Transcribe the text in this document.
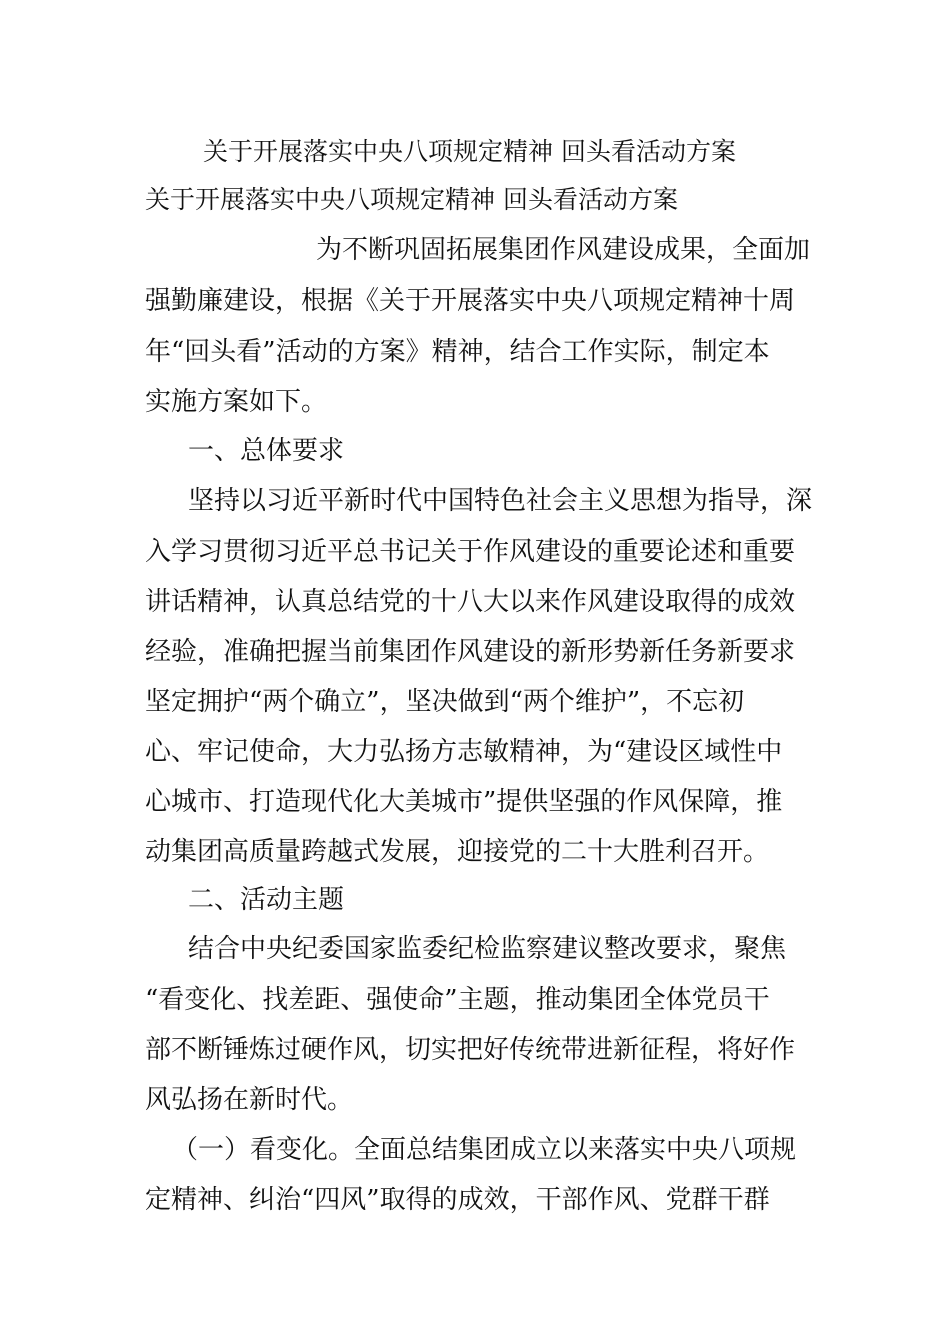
关于开展落实中央八项规定精神 回头看活动方案
关于开展落实中央八项规定精神 回头看活动方案
为不断巩固拓展集团作风建设成果，全面加
强勤廉建设，根据《关于开展落实中央八项规定精神十周
年“回头看”活动的方案》精神，结合工作实际，制定本
实施方案如下。
一、总体要求
坚持以习近平新时代中国特色社会主义思想为指导，深
入学习贯彻习近平总书记关于作风建设的重要论述和重要
讲话精神，认真总结党的十八大以来作风建设取得的成效
经验，准确把握当前集团作风建设的新形势新任务新要求
坚定拥护“两个确立”，坚决做到“两个维护”，不忘初
心、牢记使命，大力弘扬方志敏精神，为“建设区域性中
心城市、打造现代化大美城市”提供坚强的作风保障，推
动集团高质量跨越式发展，迎接党的二十大胜利召开。
二、活动主题
结合中央纪委国家监委纪检监察建议整改要求，聚焦
“看变化、找差距、强使命”主题，推动集团全体党员干
部不断锤炼过硬作风，切实把好传统带进新征程，将好作
风弘扬在新时代。
（一）看变化。全面总结集团成立以来落实中央八项规
定精神、纠治“四风”取得的成效，干部作风、党群干群
